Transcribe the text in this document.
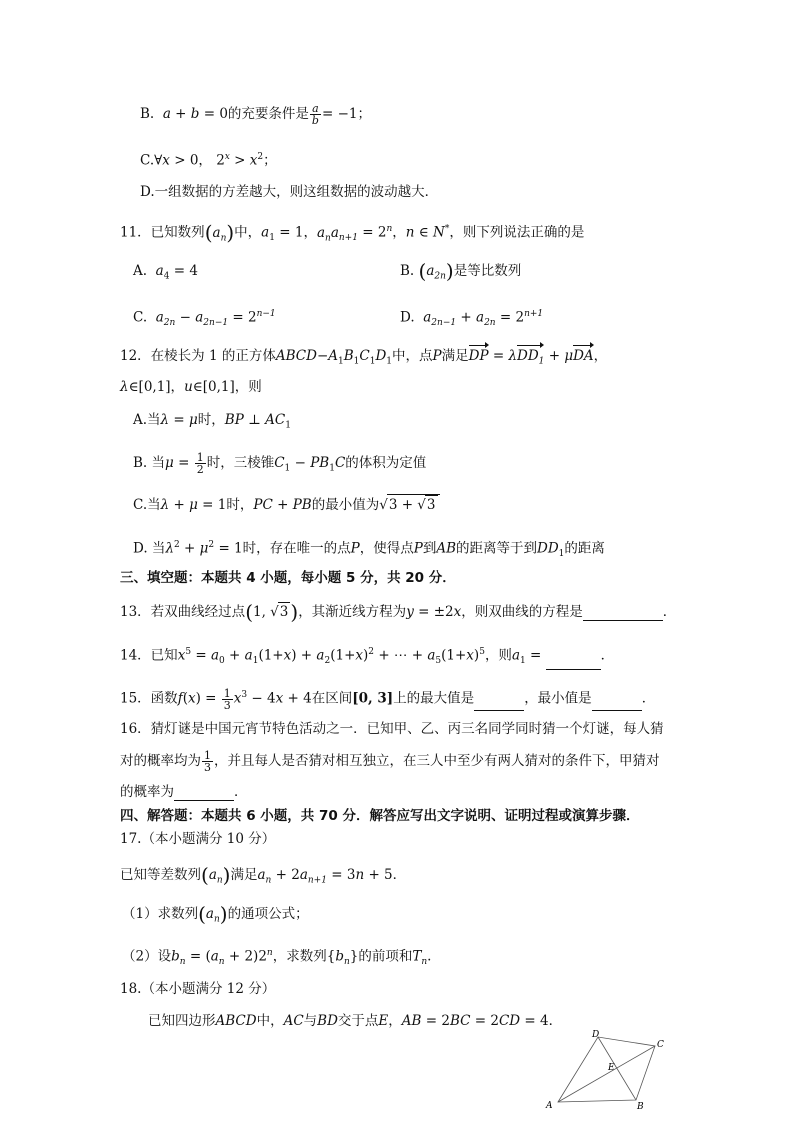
B. a + b = 0的充要条件是 $\frac{a}{b} = -1$；
C.∀x > 0， $2^x > x^2$；
D.一组数据的方差越大，则这组数据的波动越大．
11．已知数列$(a_n)$中，$a_1 = 1$，$a_na_{n+1} = 2^n$，n ∈ N*，则下列说法正确的是
A. $a_4 = 4$	B. $(a_{2n})$是等比数列
C. $a_{2n} - a_{2n-1} = 2^{n-1}$	D. $a_{2n-1} + a_{2n} = 2^{n+1}$
12．在棱长为 1 的正方体$ABCD-A_1B_1C_1D_1$中，点P满足DP = λDD$_1$ + μDA，
λ∈[0,1]，u∈[0,1]，则
A.当λ = μ时，BP ⊥ $AC_1$
B. 当$\mu = \frac{1}{2}$ 时，三棱锥$C_1 - PB_1C$的体积为定值
C.当λ + μ = 1时，PC + PB的最小值为√3 + √3
D. 当$\lambda^2 + \mu^2 = 1$时，存在唯一的点P，使得点P到AB的距离等于到$DD_1$的距离
三、填空题：本题共 4 小题，每小题 5 分，共 20 分．
13．若双曲线经过点(1, √3 )，其渐近线方程为y = ±2x，则双曲线的方程是	．
14．已知$x^5 = a_0 + a_1(1+x) + a_2(1+x)^2$ + ⋯ + $a_5(1+x)^5$，则$a_1$ =	．
15．函数$f(x) = \frac{1}{3} x^3 - 4x + 4$在区间[0, 3]上的最大值是	，最小值是	．
16．猜灯谜是中国元宵节特色活动之一．已知甲、乙、丙三名同学同时猜一个灯谜，每人猜
对的概率均为 $\frac{1}{3}$ ，并且每人是否猜对相互独立，在三人中至少有两人猜对的条件下，甲猜对
的概率为	．
四、解答题：本题共 6 小题，共 70 分．解答应写出文字说明、证明过程或演算步骤．
17.（本小题满分 10 分）
已知等差数列$(a_n)$满足$a_n + 2a_{n+1} = 3n + 5$．
（1）求数列$(a_n)$的通项公式；
（2）设$b_n = (a_n + 2)2^n$，求数列$\{b_n\}$的前项和$T_n$.
18.（本小题满分 12 分）
已知四边形ABCD中，AC与BD交于点E，AB = 2BC = 2CD = 4．
A	B
C
D
E
